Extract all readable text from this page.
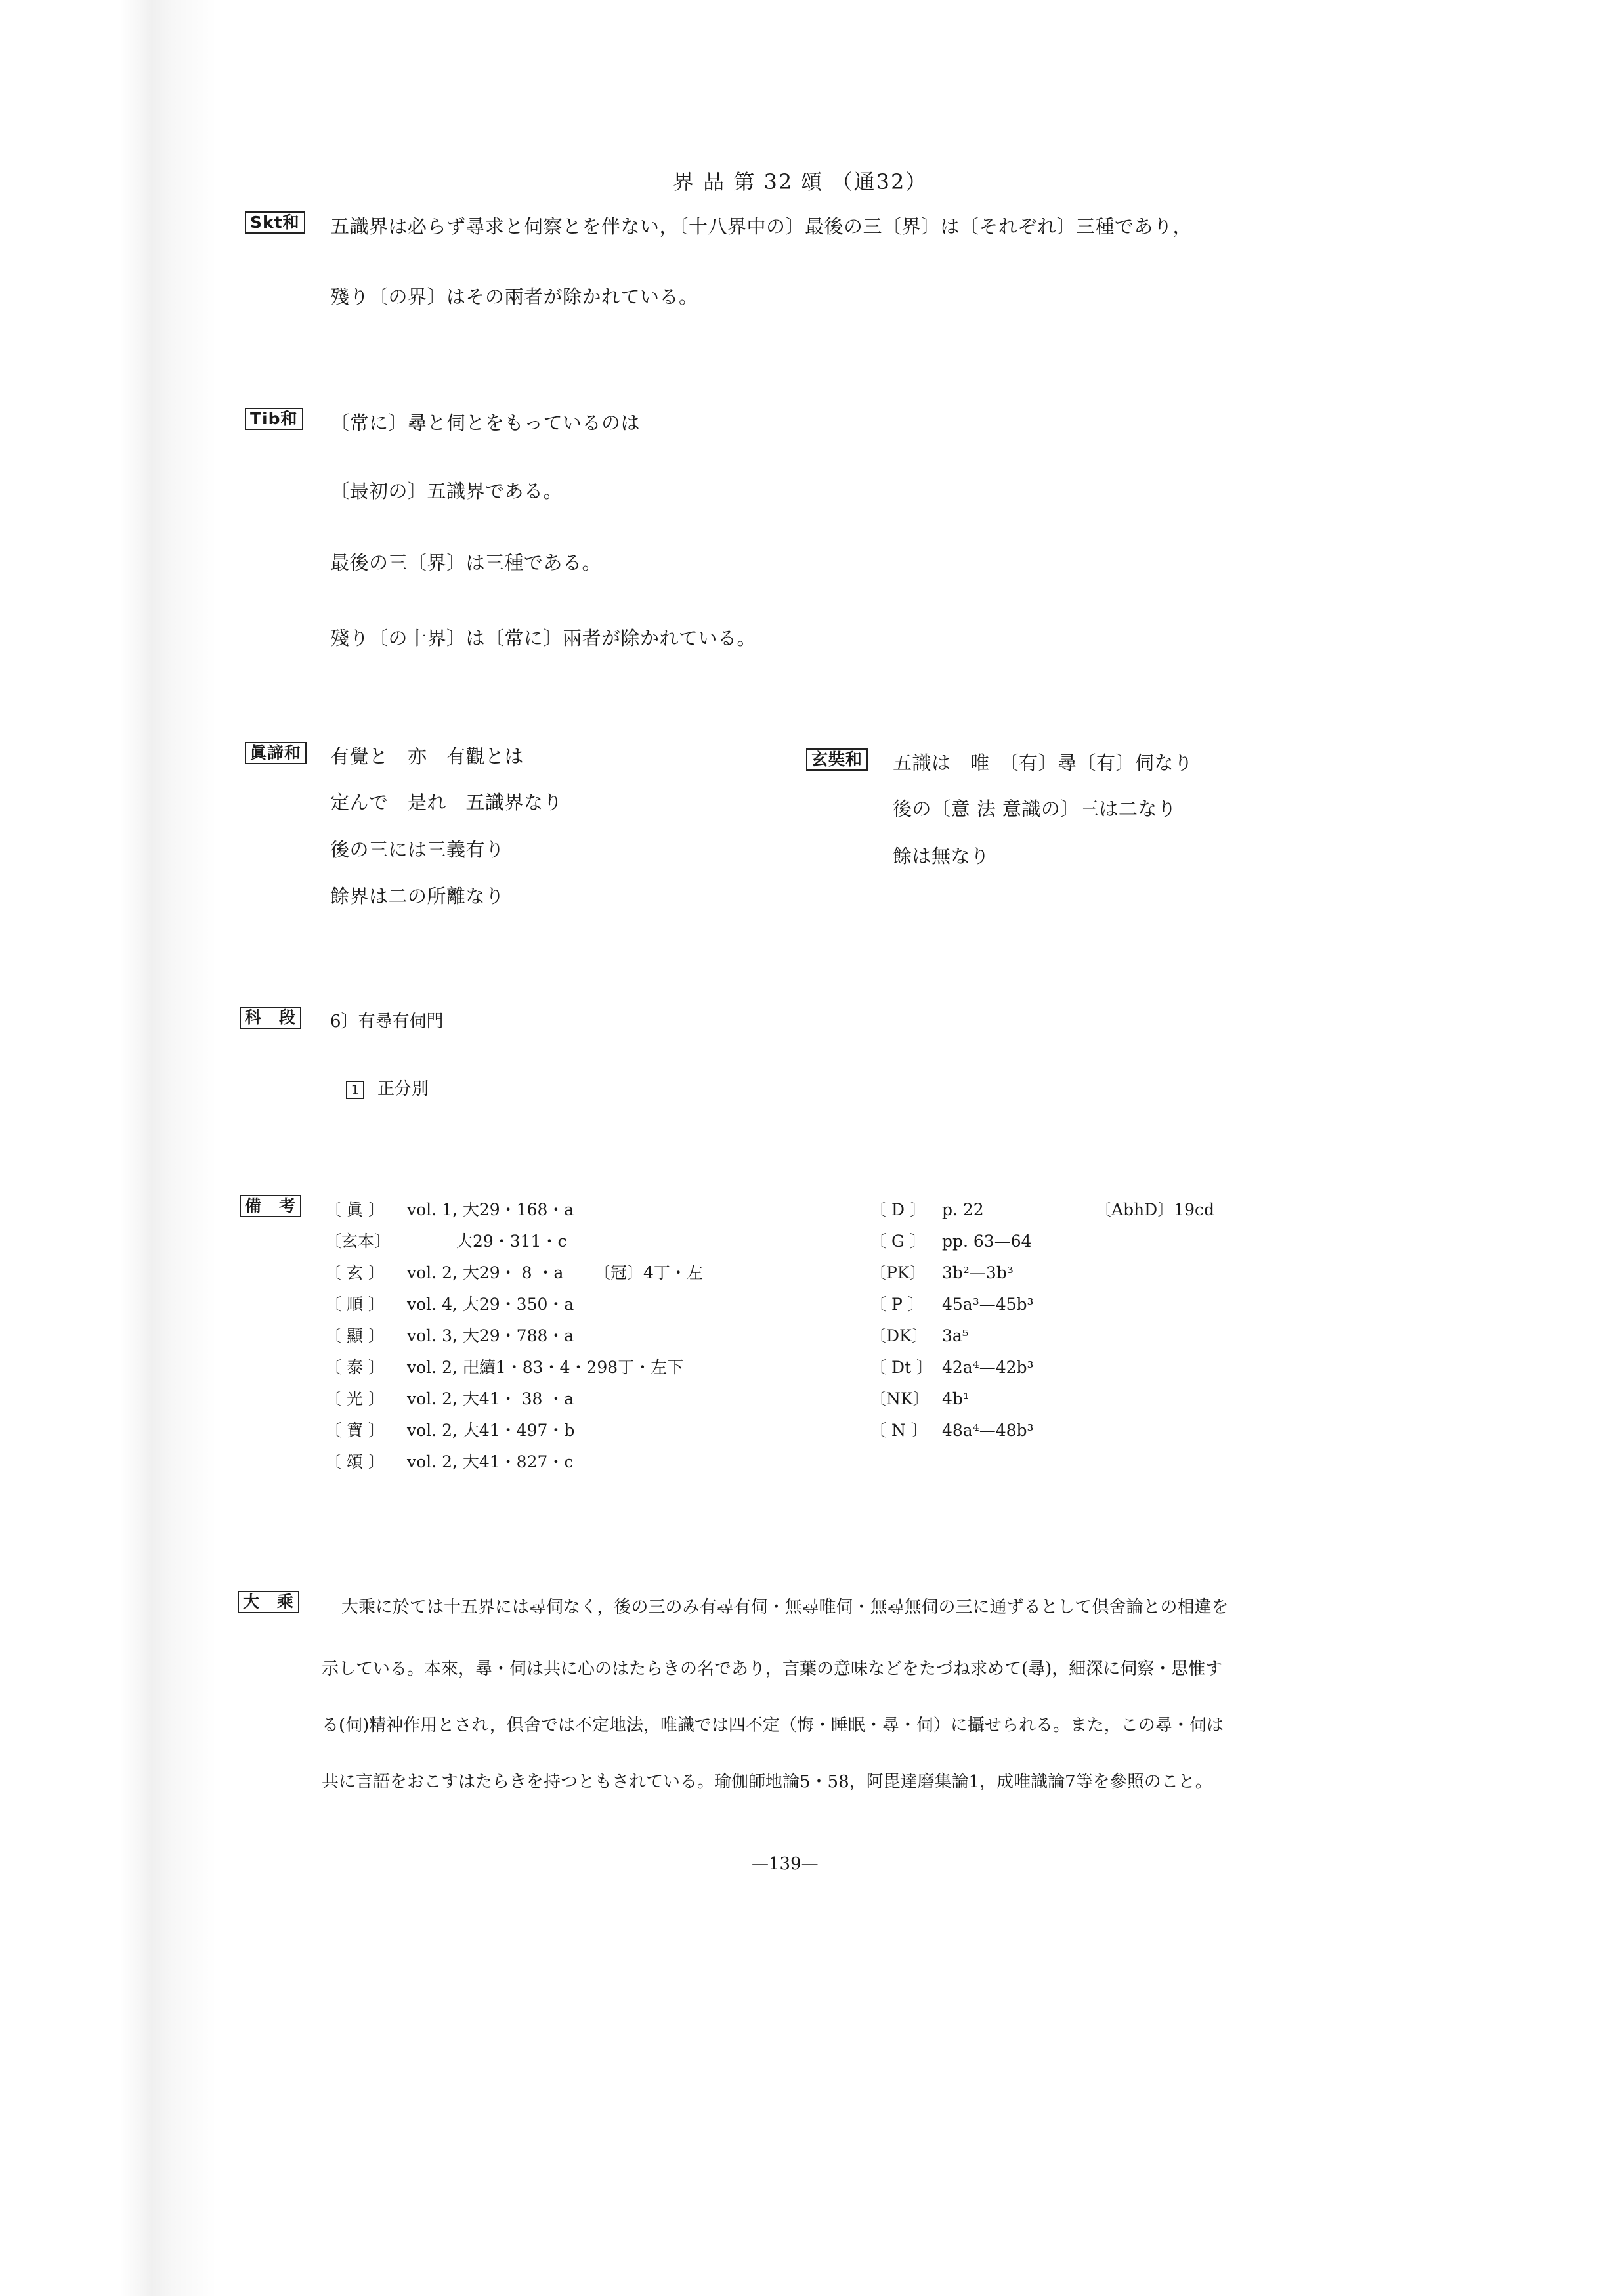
界 品 第 32 頌 （通32）
Skt和 五識界は必らず尋求と伺察とを伴ない，〔十八界中の〕最後の三〔界〕は〔それぞれ〕三種であり，
殘り〔の界〕はその兩者が除かれている。
Tib和 〔常に〕尋と伺とをもっているのは
〔最初の〕五識界である。
最後の三〔界〕は三種である。
殘り〔の十界〕は〔常に〕兩者が除かれている。
眞諦和 有覺と　亦　有觀とは
定んで　是れ　五識界なり
後の三には三義有り
餘界は二の所離なり
玄奘和 五識は　唯　〔有〕尋〔有〕伺なり
後の〔意 法 意識の〕三は二なり
餘は無なり
科　段	6〕有尋有伺門
1 正分別
備　考	〔 眞 〕 vol. 1, 大29・168・a
〔玄本〕　　　大29・311・c
〔 玄 〕 vol. 2, 大29・ 8 ・a 〔冠〕4丁・左
〔 順 〕 vol. 4, 大29・350・a
〔 顯 〕 vol. 3, 大29・788・a
〔 泰 〕 vol. 2, 卍續1・83・4・298丁・左下
〔 光 〕 vol. 2, 大41・ 38 ・a
〔 寶 〕 vol. 2, 大41・497・b
〔 頌 〕 vol. 2, 大41・827・c
〔 D 〕 p. 22	〔AbhD〕19cd
〔 G 〕 pp. 63—64
〔PK〕 3b²—3b³
〔 P 〕 45a³—45b³
〔DK〕 3a⁵
〔 Dt 〕 42a⁴—42b³
〔NK〕 4b¹
〔 N 〕 48a⁴—48b³
大　乘	大乘に於ては十五界には尋伺なく，後の三のみ有尋有伺・無尋唯伺・無尋無伺の三に通ずるとして倶舍論との相違を
示している。本來，尋・伺は共に心のはたらきの名であり，言葉の意味などをたづね求めて(尋)，細深に伺察・思惟す
る(伺)精神作用とされ，倶舍では不定地法，唯識では四不定（悔・睡眠・尋・伺）に攝せられる。また，この尋・伺は
共に言語をおこすはたらきを持つともされている。瑜伽師地論5・58，阿毘達磨集論1，成唯識論7等を參照のこと。
—139—
